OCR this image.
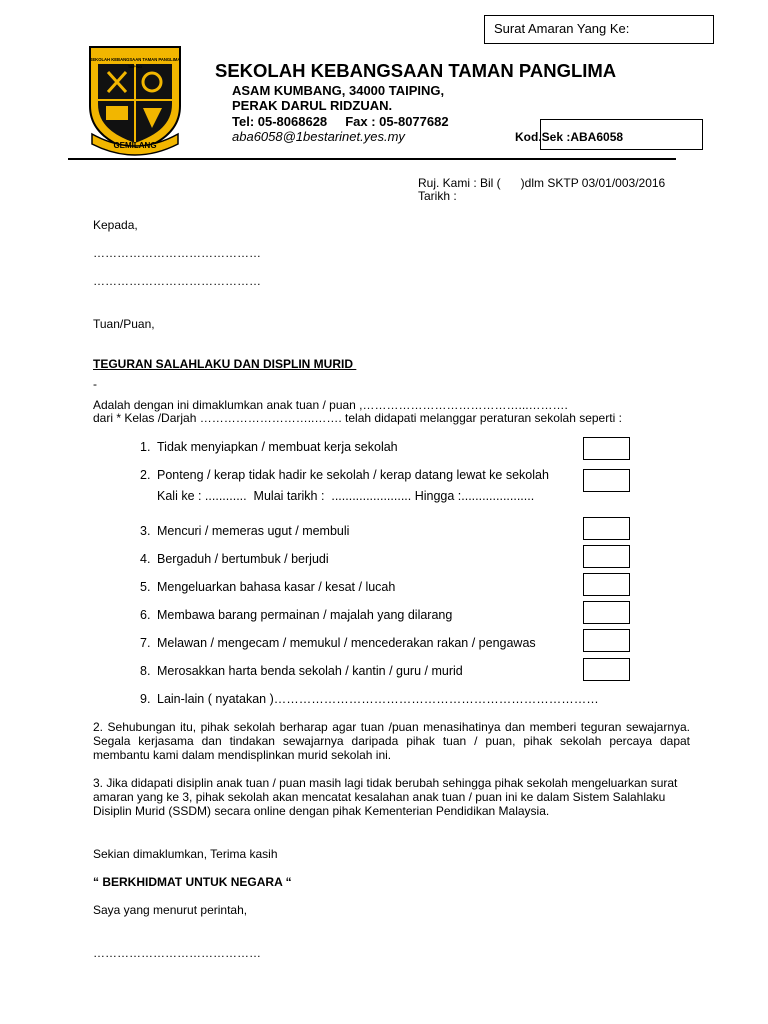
Surat Amaran Yang Ke:
SEKOLAH KEBANGSAAN TAMAN PANGLIMA
TAIPING
GEMILANG
SEKOLAH KEBANGSAAN TAMAN PANGLIMA
ASAM KUMBANG, 34000 TAIPING,
PERAK DARUL RIDZUAN.
Tel: 05-8068628     Fax : 05-8077682
aba6058@1bestarinet.yes.my	Kod.Sek :ABA6058
Ruj. Kami : Bil (      )dlm SKTP 03/01/003/2016
Tarikh :
Kepada,
……………………………………
……………………………………
Tuan/Puan,
TEGURAN SALAHLAKU DAN DISPLIN MURID
-
Adalah dengan ini dimaklumkan anak tuan / puan ,…………………………………...……….
dari * Kelas /Darjah ………………………..……. telah didapati melanggar peraturan sekolah seperti :
1. Tidak menyiapkan / membuat kerja sekolah
2. Ponteng / kerap tidak hadir ke sekolah / kerap datang lewat ke sekolah
Kali ke : ............  Mulai tarikh :  ....................... Hingga :.....................
3. Mencuri / memeras ugut / membuli
4. Bergaduh / bertumbuk / berjudi
5. Mengeluarkan bahasa kasar / kesat / lucah
6. Membawa barang permainan / majalah yang dilarang
7. Melawan / mengecam / memukul / mencederakan rakan / pengawas
8. Merosakkan harta benda sekolah / kantin / guru / murid
9. Lain-lain ( nyatakan )……………………………………………………………………
2. Sehubungan itu, pihak sekolah berharap agar tuan /puan menasihatinya dan memberi teguran sewajarnya. Segala kerjasama dan tindakan sewajarnya daripada pihak tuan / puan, pihak sekolah percaya dapat membantu kami dalam mendisplinkan murid sekolah ini.
3. Jika didapati disiplin anak tuan / puan masih lagi tidak berubah sehingga pihak sekolah mengeluarkan surat amaran yang ke 3, pihak sekolah akan mencatat kesalahan anak tuan / puan ini ke dalam Sistem Salahlaku Disiplin Murid (SSDM) secara online dengan pihak Kementerian Pendidikan Malaysia.
Sekian dimaklumkan, Terima kasih
“ BERKHIDMAT UNTUK NEGARA “
Saya yang menurut perintah,
……………………………………
